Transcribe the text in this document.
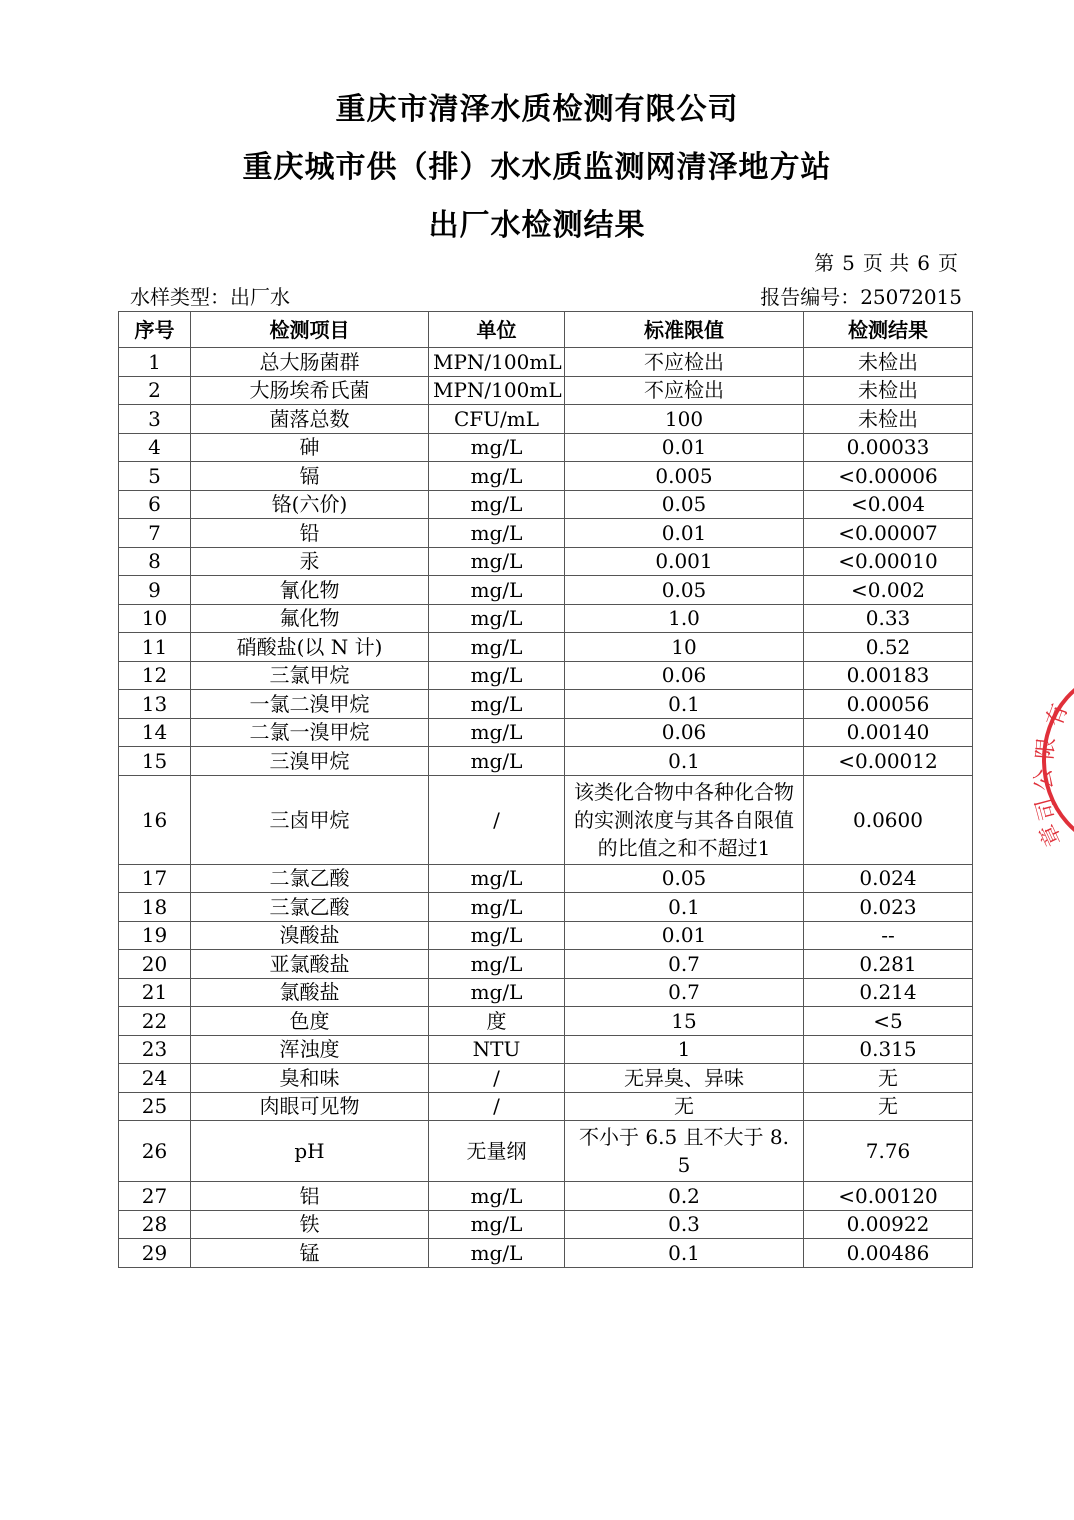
重庆市清泽水质检测有限公司
重庆城市供（排）水水质监测网清泽地方站
出厂水检测结果
第 5 页 共 6 页
水样类型：出厂水	报告编号：25072015
序号	检测项目	单位	标准限值	检测结果
1	总大肠菌群	MPN/100mL	不应检出	未检出
2	大肠埃希氏菌	MPN/100mL	不应检出	未检出
3	菌落总数	CFU/mL	100	未检出
4	砷	mg/L	0.01	0.00033
5	镉	mg/L	0.005	<0.00006
6	铬(六价)	mg/L	0.05	<0.004
7	铅	mg/L	0.01	<0.00007
8	汞	mg/L	0.001	<0.00010
9	氰化物	mg/L	0.05	<0.002
10	氟化物	mg/L	1.0	0.33
11	硝酸盐(以 N 计)	mg/L	10	0.52
12	三氯甲烷	mg/L	0.06	0.00183
13	一氯二溴甲烷	mg/L	0.1	0.00056
14	二氯一溴甲烷	mg/L	0.06	0.00140
15	三溴甲烷	mg/L	0.1	<0.00012
16	三卤甲烷	/	该类化合物中各种化合物的实测浓度与其各自限值的比值之和不超过1	0.0600
17	二氯乙酸	mg/L	0.05	0.024
18	三氯乙酸	mg/L	0.1	0.023
19	溴酸盐	mg/L	0.01	--
20	亚氯酸盐	mg/L	0.7	0.281
21	氯酸盐	mg/L	0.7	0.214
22	色度	度	15	<5
23	浑浊度	NTU	1	0.315
24	臭和味	/	无异臭、异味	无
25	肉眼可见物	/	无	无
26	pH	无量纲	不小于 6.5 且不大于 8.5	7.76
27	铝	mg/L	0.2	<0.00120
28	铁	mg/L	0.3	0.00922
29	锰	mg/L	0.1	0.00486
有
限
公
司
章
